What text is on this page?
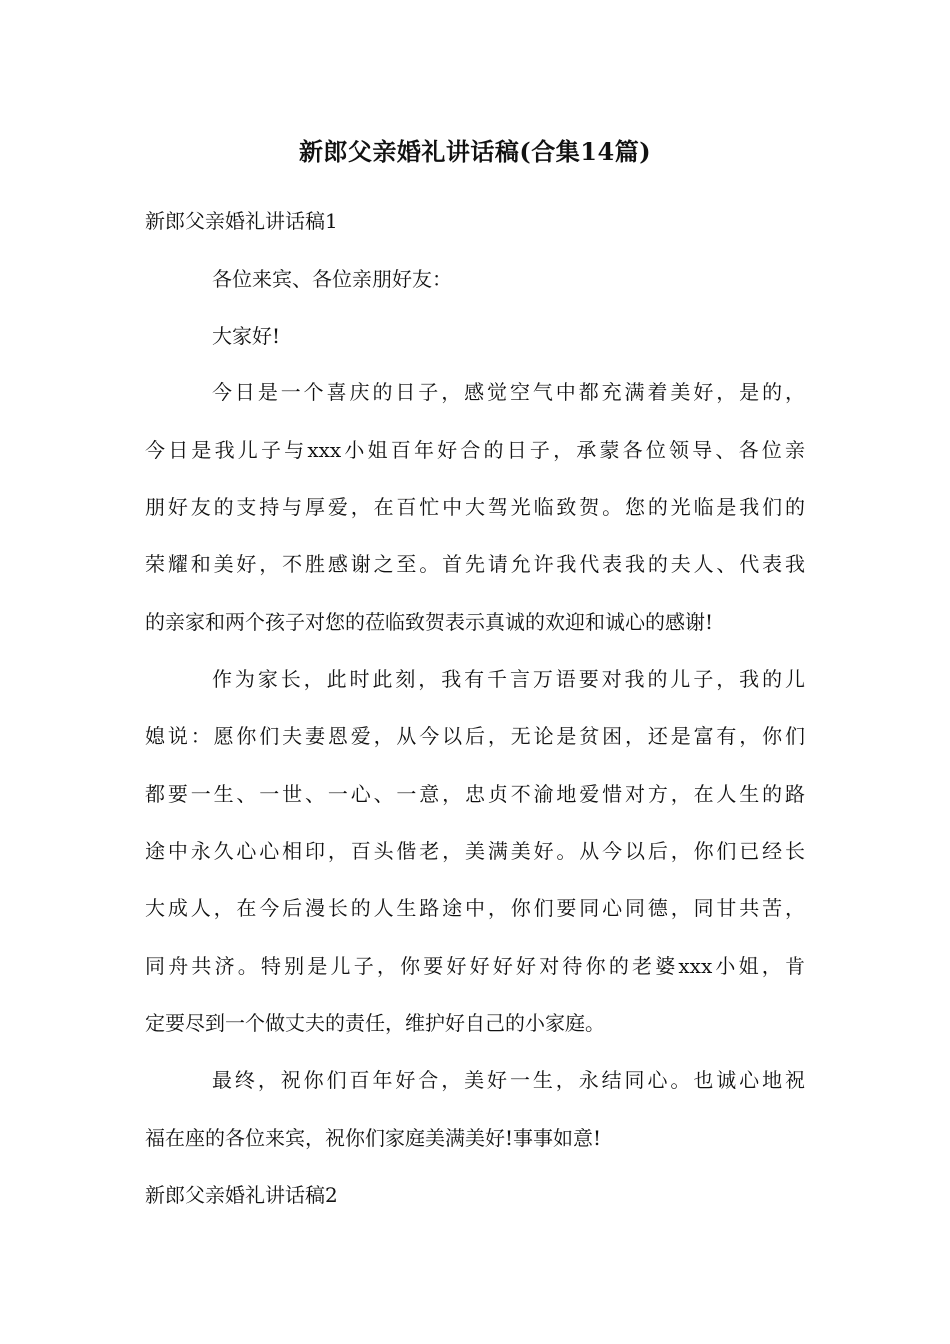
新郎父亲婚礼讲话稿(合集14篇)

新郎父亲婚礼讲话稿1

各位来宾、各位亲朋好友：

大家好!

今日是一个喜庆的日子，感觉空气中都充满着美好，是的，

今日是我儿子与xxx小姐百年好合的日子，承蒙各位领导、各位亲

朋好友的支持与厚爱，在百忙中大驾光临致贺。您的光临是我们的

荣耀和美好，不胜感谢之至。首先请允许我代表我的夫人、代表我

的亲家和两个孩子对您的莅临致贺表示真诚的欢迎和诚心的感谢!

作为家长，此时此刻，我有千言万语要对我的儿子，我的儿

媳说：愿你们夫妻恩爱，从今以后，无论是贫困，还是富有，你们

都要一生、一世、一心、一意，忠贞不渝地爱惜对方，在人生的路

途中永久心心相印，百头偕老，美满美好。从今以后，你们已经长

大成人，在今后漫长的人生路途中，你们要同心同德，同甘共苦，

同舟共济。特别是儿子，你要好好好好对待你的老婆xxx小姐，肯

定要尽到一个做丈夫的责任，维护好自己的小家庭。

最终，祝你们百年好合，美好一生，永结同心。也诚心地祝

福在座的各位来宾，祝你们家庭美满美好!事事如意!

新郎父亲婚礼讲话稿2
